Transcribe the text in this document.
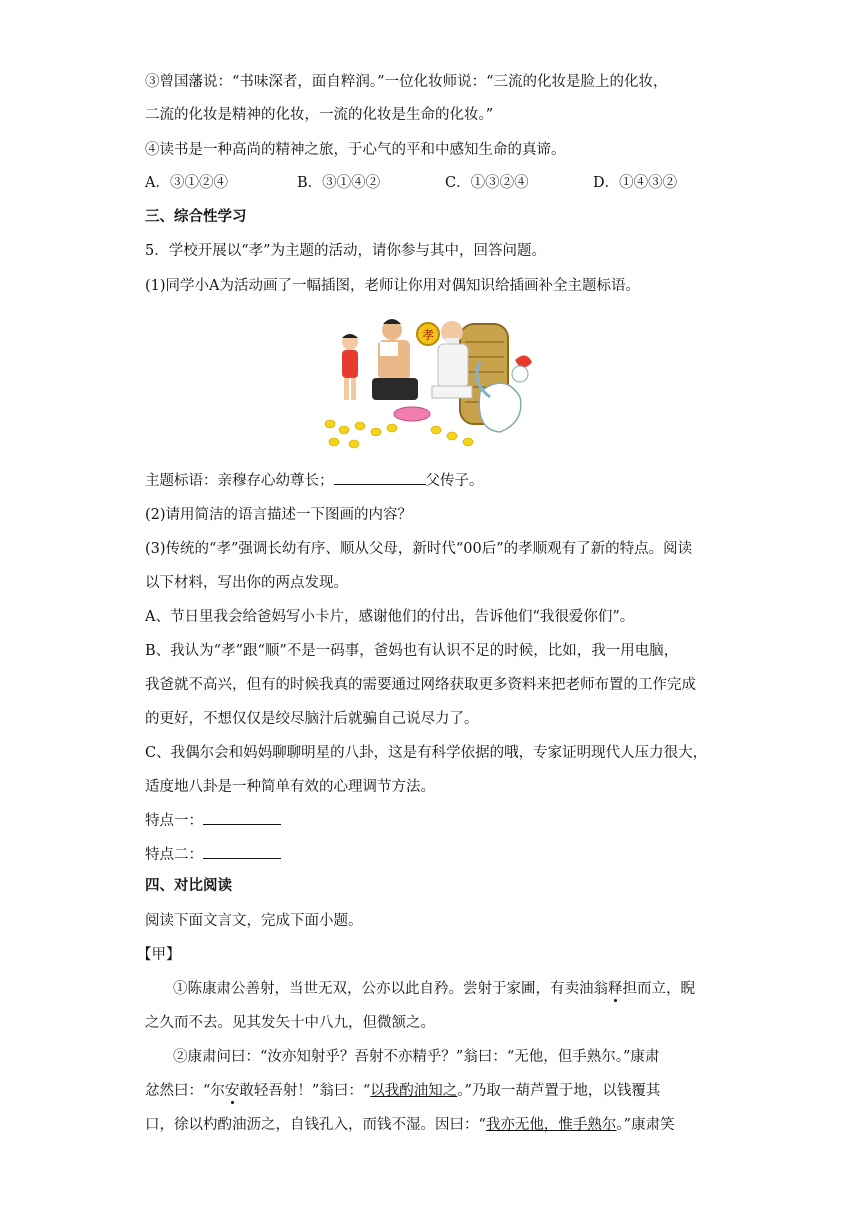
③曾国藩说：“书味深者，面自粹润。”一位化妆师说：“三流的化妆是脸上的化妆，
二流的化妆是精神的化妆，一流的化妆是生命的化妆。”
④读书是一种高尚的精神之旅，于心气的平和中感知生命的真谛。
A．③①②④	B．③①④②	C．①③②④	D．①④③②
三、综合性学习
5．学校开展以“孝”为主题的活动，请你参与其中，回答问题。
(1)同学小A为活动画了一幅插图，老师让你用对偶知识给插画补全主题标语。
孝
主题标语：亲穆存心幼尊长；	父传子。
(2)请用简洁的语言描述一下图画的内容？
(3)传统的“孝”强调长幼有序、顺从父母，新时代“00后”的孝顺观有了新的特点。阅读
以下材料，写出你的两点发现。
A、节日里我会给爸妈写小卡片，感谢他们的付出，告诉他们“我很爱你们”。
B、我认为“孝”跟“顺”不是一码事，爸妈也有认识不足的时候，比如，我一用电脑，
我爸就不高兴，但有的时候我真的需要通过网络获取更多资料来把老师布置的工作完成
的更好，不想仅仅是绞尽脑汁后就骗自己说尽力了。
C、我偶尔会和妈妈聊聊明星的八卦，这是有科学依据的哦，专家证明现代人压力很大，
适度地八卦是一种简单有效的心理调节方法。
特点一：
特点二：
四、对比阅读
阅读下面文言文，完成下面小题。
【甲】
①陈康肃公善射，当世无双，公亦以此自矜。尝射于家圃，有卖油翁释担而立，睨
之久而不去。见其发矢十中八九，但微颔之。
②康肃问曰：“汝亦知射乎？吾射不亦精乎？”翁曰：“无他，但手熟尔。”康肃
忿然曰：“尔安敢轻吾射！”翁曰：“以我酌油知之。”乃取一葫芦置于地，以钱覆其
口，徐以杓酌油沥之，自钱孔入，而钱不湿。因曰：“我亦无他，惟手熟尔。”康肃笑
